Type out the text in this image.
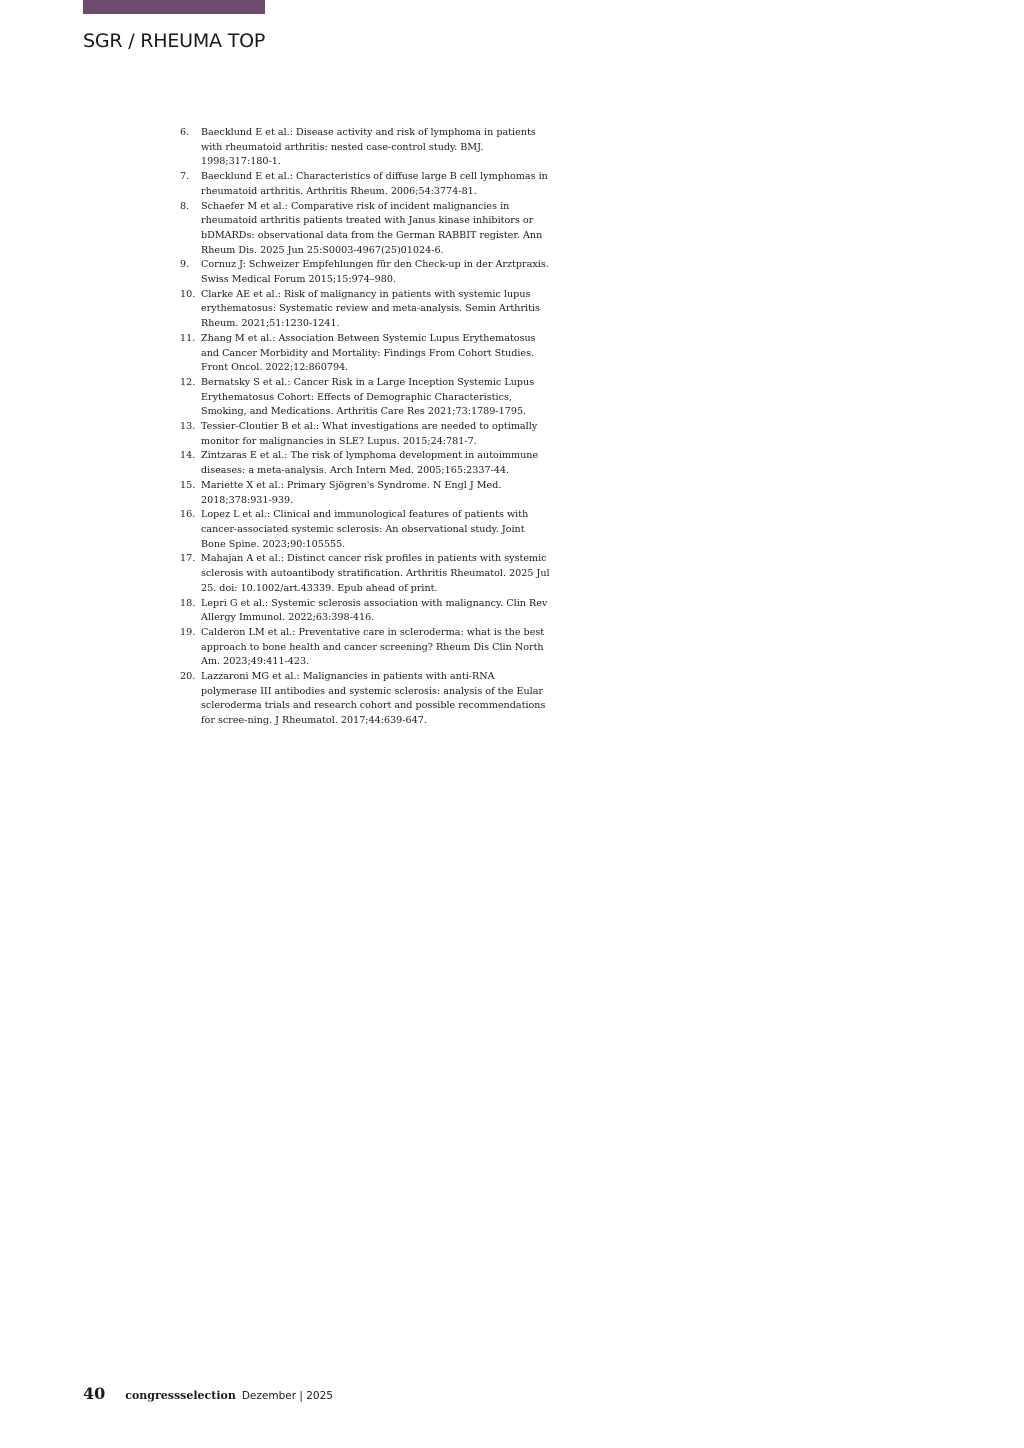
SGR / RHEUMA TOP
6.	Baecklund E et al.: Disease activity and risk of lymphoma in patients with rheumatoid arthritis: nested case-control study. BMJ. 1998;317:180-1.
7.	Baecklund E et al.: Characteristics of diffuse large B cell lymphomas in rheumatoid arthritis. Arthritis Rheum. 2006;54:3774-81.
8.	Schaefer M et al.: Comparative risk of incident malignancies in rheumatoid arthritis patients treated with Janus kinase inhibitors or bDMARDs: observational data from the German RABBIT register. Ann Rheum Dis. 2025 Jun 25:S0003-4967(25)01024-6.
9.	Cornuz J: Schweizer Empfehlungen für den Check-up in der Arztpraxis. Swiss Medical Forum 2015;15:974–980.
10. Clarke AE et al.: Risk of malignancy in patients with systemic lupus erythematosus: Systematic review and meta-analysis. Semin Arthritis Rheum. 2021;51:1230-1241.
11. Zhang M et al.: Association Between Systemic Lupus Erythematosus and Cancer Morbidity and Mortality: Findings From Cohort Studies. Front Oncol. 2022;12:860794.
12. Bernatsky S et al.: Cancer Risk in a Large Inception Systemic Lupus Erythematosus Cohort: Effects of Demographic Characteristics, Smoking, and Medications. Arthritis Care Res 2021;73:1789-1795.
13. Tessier-Cloutier B et al.: What investigations are needed to optimally monitor for malignancies in SLE? Lupus. 2015;24:781-7.
14. Zintzaras E et al.: The risk of lymphoma development in autoimmune diseases: a meta-analysis. Arch Intern Med. 2005;165:2337-44.
15. Mariette X et al.: Primary Sjögren's Syndrome. N Engl J Med. 2018;378:931-939.
16. Lopez L et al.: Clinical and immunological features of patients with cancer-associated systemic sclerosis: An observational study. Joint Bone Spine. 2023;90:105555.
17. Mahajan A et al.: Distinct cancer risk profiles in patients with systemic sclerosis with autoantibody stratification. Arthritis Rheumatol. 2025 Jul 25. doi: 10.1002/art.43339. Epub ahead of print.
18. Lepri G et al.: Systemic sclerosis association with malignancy. Clin Rev Allergy Immunol. 2022;63:398-416.
19. Calderon LM et al.: Preventative care in scleroderma: what is the best approach to bone health and cancer screening? Rheum Dis Clin North Am. 2023;49:411-423.
20. Lazzaroni MG et al.: Malignancies in patients with anti-RNA polymerase III antibodies and systemic sclerosis: analysis of the Eular scleroderma trials and research cohort and possible recommendations for scree-ning. J Rheumatol. 2017;44:639-647.
40 congressselection Dezember | 2025
